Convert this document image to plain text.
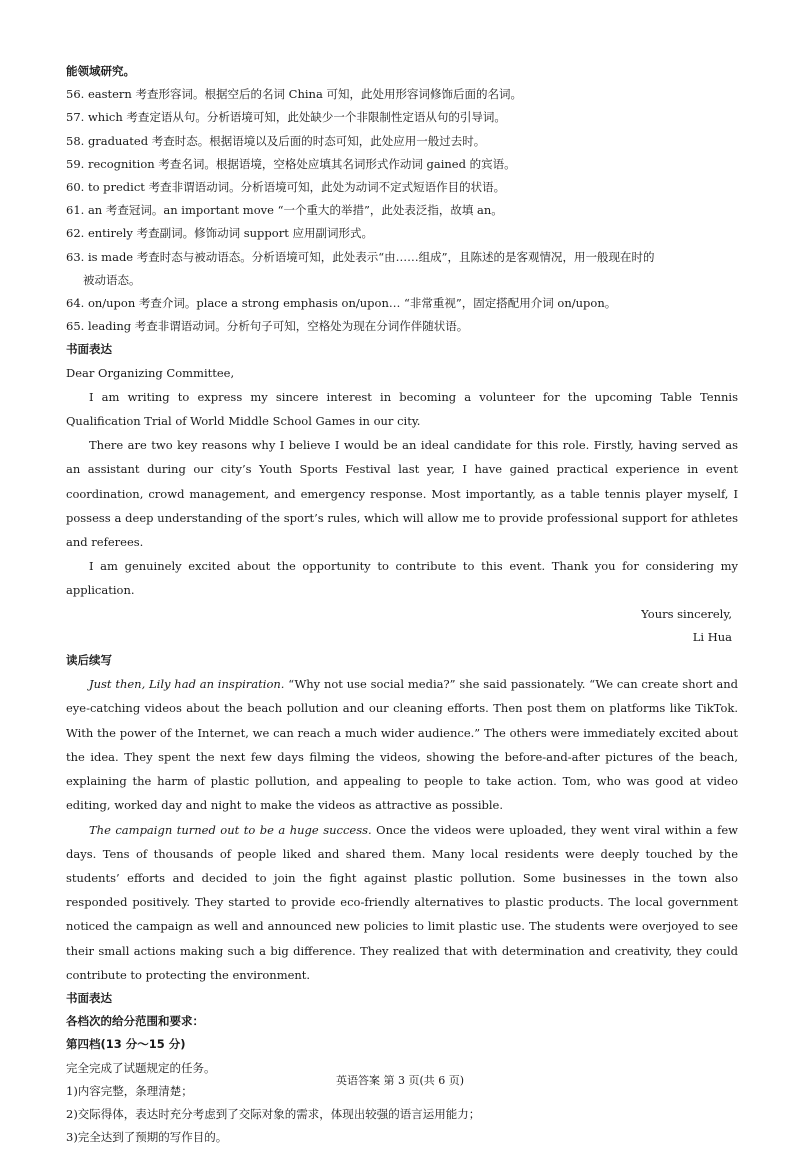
能领域研究。
56. eastern 考查形容词。根据空后的名词 China 可知，此处用形容词修饰后面的名词。
57. which 考查定语从句。分析语境可知，此处缺少一个非限制性定语从句的引导词。
58. graduated 考查时态。根据语境以及后面的时态可知，此处应用一般过去时。
59. recognition 考查名词。根据语境，空格处应填其名词形式作动词 gained 的宾语。
60. to predict 考查非谓语动词。分析语境可知，此处为动词不定式短语作目的状语。
61. an 考查冠词。an important move “一个重大的举措”，此处表泛指，故填 an。
62. entirely 考查副词。修饰动词 support 应用副词形式。
63. is made 考查时态与被动语态。分析语境可知，此处表示“由……组成”，且陈述的是客观情况，用一般现在时的
被动语态。
64. on/upon 考查介词。place a strong emphasis on/upon… “非常重视”，固定搭配用介词 on/upon。
65. leading 考查非谓语动词。分析句子可知，空格处为现在分词作伴随状语。
书面表达
Dear Organizing Committee,

I am writing to express my sincere interest in becoming a volunteer for the upcoming Table Tennis Qualification Trial of World Middle School Games in our city.

There are two key reasons why I believe I would be an ideal candidate for this role. Firstly, having served as an assistant during our city’s Youth Sports Festival last year, I have gained practical experience in event coordination, crowd management, and emergency response. Most importantly, as a table tennis player myself, I possess a deep understanding of the sport’s rules, which will allow me to provide professional support for athletes and referees.

I am genuinely excited about the opportunity to contribute to this event. Thank you for considering my application.

Yours sincerely,
Li Hua
读后续写

Just then, Lily had an inspiration. “Why not use social media?” she said passionately. “We can create short and eye-catching videos about the beach pollution and our cleaning efforts. Then post them on platforms like TikTok. With the power of the Internet, we can reach a much wider audience.” The others were immediately excited about the idea. They spent the next few days filming the videos, showing the before-and-after pictures of the beach, explaining the harm of plastic pollution, and appealing to people to take action. Tom, who was good at video editing, worked day and night to make the videos as attractive as possible.

The campaign turned out to be a huge success. Once the videos were uploaded, they went viral within a few days. Tens of thousands of people liked and shared them. Many local residents were deeply touched by the students’ efforts and decided to join the fight against plastic pollution. Some businesses in the town also responded positively. They started to provide eco-friendly alternatives to plastic products. The local government noticed the campaign as well and announced new policies to limit plastic use. The students were overjoyed to see their small actions making such a big difference. They realized that with determination and creativity, they could contribute to protecting the environment.

书面表达
各档次的给分范围和要求：
第四档(13 分～15 分)
完全完成了试题规定的任务。
1)内容完整，条理清楚；
2)交际得体，表达时充分考虑到了交际对象的需求，体现出较强的语言运用能力；
3)完全达到了预期的写作目的。
英语答案 第 3 页(共 6 页)
